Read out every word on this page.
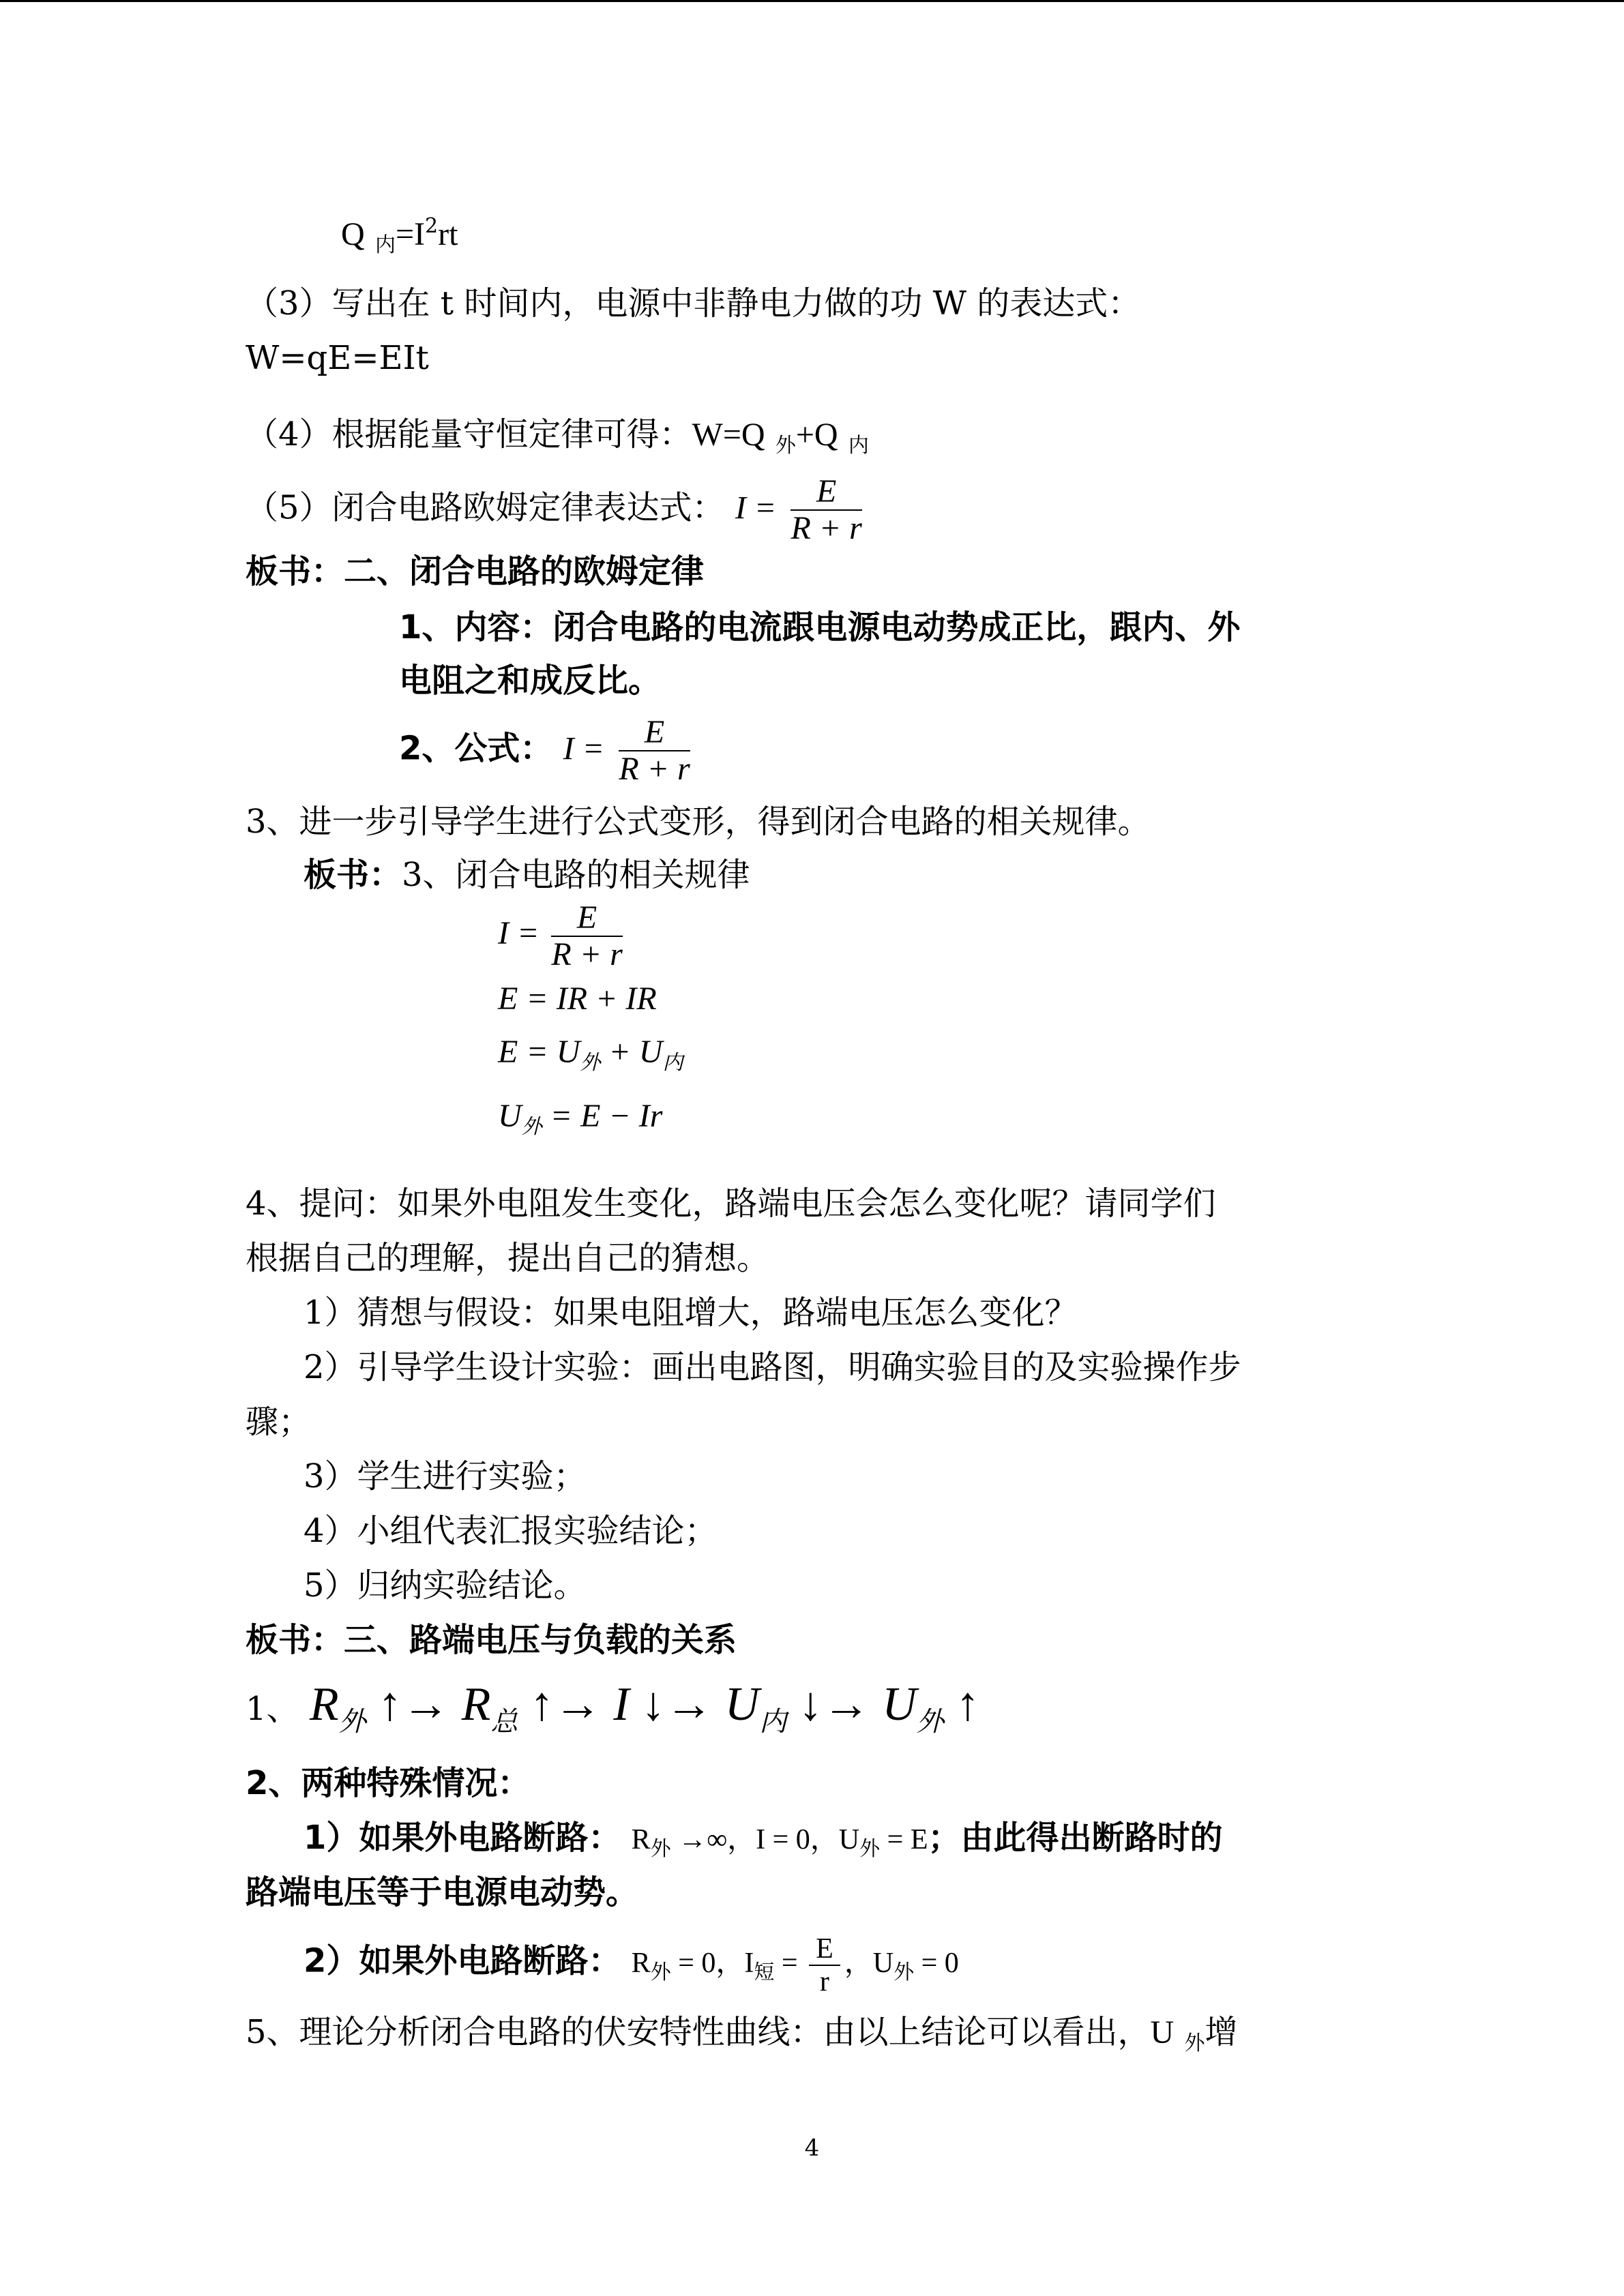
Q $_内=I^2rt$
（3）写出在 t 时间内，电源中非静电力做的功 W 的表达式：
W=qE=EIt
（4）根据能量守恒定律可得：W=Q $_外$+Q $_内$
（5）闭合电路欧姆定律表达式： $I = \frac{E}{R + r}$
板书：二、闭合电路的欧姆定律
1、内容：闭合电路的电流跟电源电动势成正比，跟内、外
电阻之和成反比。
2、公式： $I = \frac{E}{R + r}$
3、进一步引导学生进行公式变形，得到闭合电路的相关规律。
板书：3、闭合电路的相关规律
$I = \frac{E}{R + r}$
E = IR + IR
$E = U_外 + U_内$
$U_外 = E - Ir$
4、提问：如果外电阻发生变化，路端电压会怎么变化呢？请同学们
根据自己的理解，提出自己的猜想。
1）猜想与假设：如果电阻增大，路端电压怎么变化？
2）引导学生设计实验：画出电路图，明确实验目的及实验操作步
骤；
3）学生进行实验；
4）小组代表汇报实验结论；
5）归纳实验结论。
板书：三、路端电压与负载的关系
1、 $R_外$ ↑→ $R_总$ ↑→ I ↓→ $U_内$ ↓→ $U_外$ ↑
2、两种特殊情况：
1）如果外电路断路： $R_外$ →∞，I = 0，$U_外 = E$；由此得出断路时的
路端电压等于电源电动势。
2）如果外电路断路： $R_外 = 0$，$I_短 = \frac{E}{r}$ ，$U_外 = 0$
5、理论分析闭合电路的伏安特性曲线：由以上结论可以看出，U $_外$增
4
